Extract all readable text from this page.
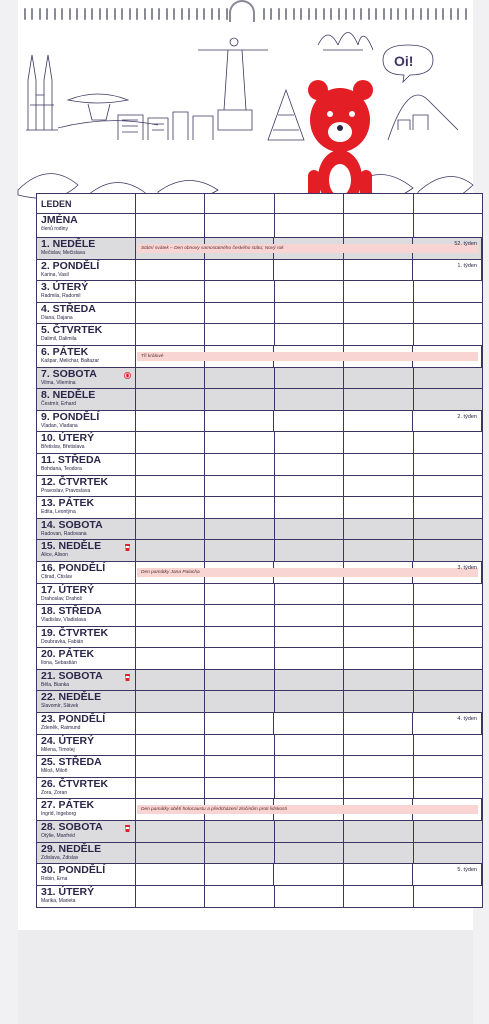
Oi!
LEDEN
JMÉNA
členů rodiny
1. NEDĚLE
Mečislav, Mečislava
Státní svátek – Den obnovy samostatného českého státu; Nový rok
52. týden
2. PONDĚLÍ
Karina, Vasil
1. týden
3. ÚTERÝ
Radmila, Radomil
4. STŘEDA
Diana, Dajana
5. ČTVRTEK
Dalimil, Dalimila
6. PÁTEK
Kašpar, Melichar, Baltazar
Tři králové
7. SOBOTA
Vilma, Vilemína
8. NEDĚLE
Čestmír, Erhard
9. PONDĚLÍ
Vladan, Vladana
2. týden
10. ÚTERÝ
Břetislav, Břetislava
11. STŘEDA
Bohdana, Teodora
12. ČTVRTEK
Pravoslav, Pravoslava
13. PÁTEK
Edita, Leontýna
14. SOBOTA
Radovan, Radovana
15. NEDĚLE
Alice, Alison
16. PONDĚLÍ
Ctirad, Ctislav
Den památky Jana Palacha
3. týden
17. ÚTERÝ
Drahoslav, Drahoš
18. STŘEDA
Vladislav, Vladislava
19. ČTVRTEK
Doubravka, Fabián
20. PÁTEK
Ilona, Sebastián
21. SOBOTA
Běla, Bianka
22. NEDĚLE
Slavomír, Slávek
23. PONDĚLÍ
Zdeněk, Raimund
4. týden
24. ÚTERÝ
Milena, Timotej
25. STŘEDA
Miloš, Miloň
26. ČTVRTEK
Zora, Zoran
27. PÁTEK
Ingrid, Ingeborg
Den památky obětí holocaustu a předcházení zločinům proti lidskosti
28. SOBOTA
Otýlie, Manfréd
29. NEDĚLE
Zdislava, Zdislav
30. PONDĚLÍ
Robin, Erna
5. týden
31. ÚTERÝ
Marika, Marieta
